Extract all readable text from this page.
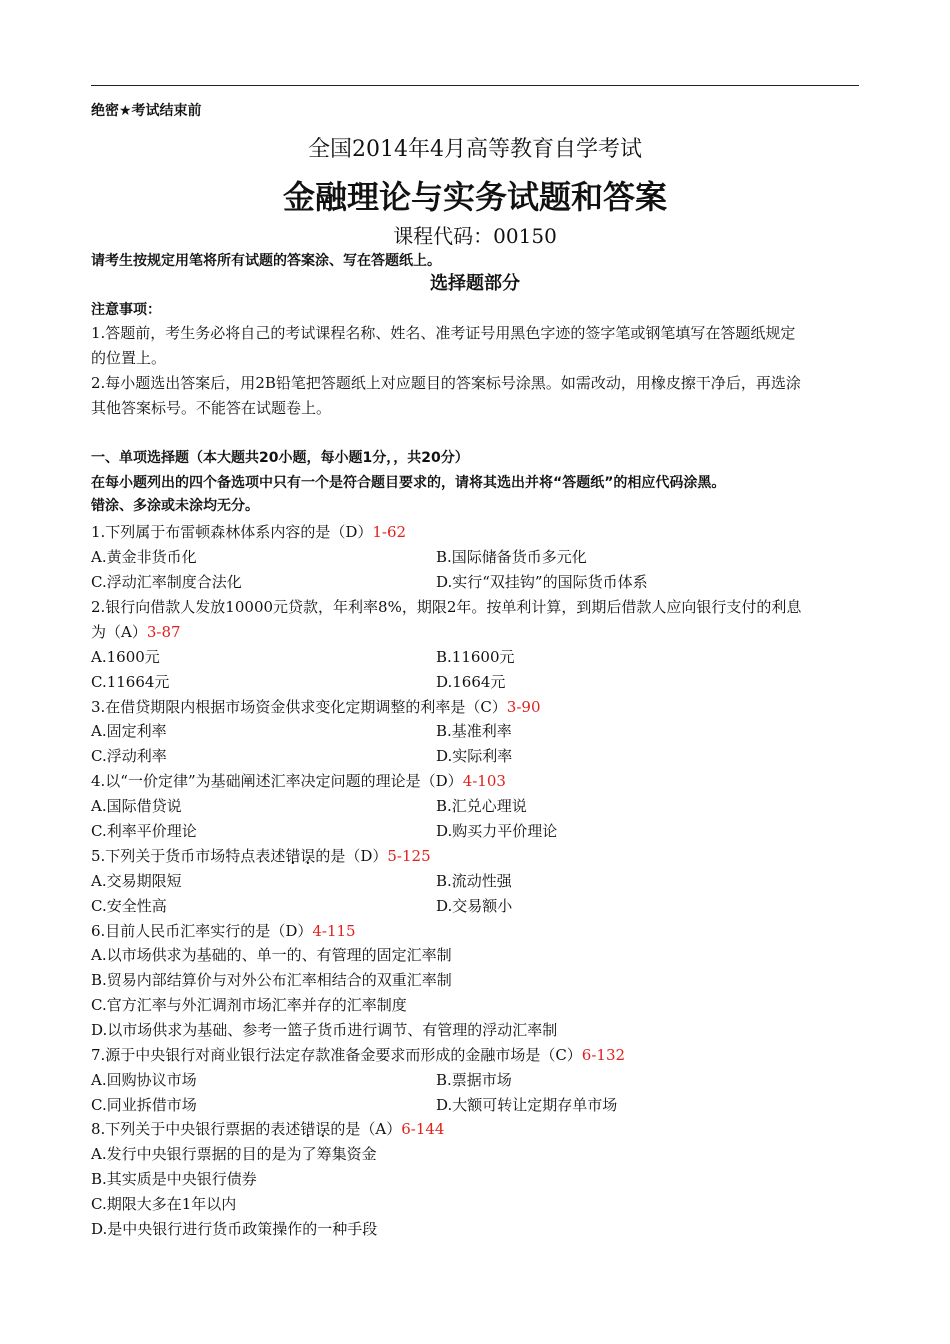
绝密★考试结束前
全国2014年4月高等教育自学考试
金融理论与实务试题和答案
课程代码：00150
请考生按规定用笔将所有试题的答案涂、写在答题纸上。
选择题部分
注意事项：
1.答题前，考生务必将自己的考试课程名称、姓名、准考证号用黑色字迹的签字笔或钢笔填写在答题纸规定
的位置上。
2.每小题选出答案后，用2B铅笔把答题纸上对应题目的答案标号涂黑。如需改动，用橡皮擦干净后，再选涂
其他答案标号。不能答在试题卷上。
一、单项选择题（本大题共20小题，每小题1分，，共20分）
在每小题列出的四个备选项中只有一个是符合题目要求的，请将其选出并将“答题纸”的相应代码涂黑。
错涂、多涂或未涂均无分。
1.下列属于布雷顿森林体系内容的是（D）1-62
A.黄金非货币化	B.国际储备货币多元化
C.浮动汇率制度合法化	D.实行“双挂钩”的国际货币体系
2.银行向借款人发放10000元贷款，年利率8%，期限2年。按单利计算，到期后借款人应向银行支付的利息
为（A）3-87
A.1600元	B.11600元
C.11664元	D.1664元
3.在借贷期限内根据市场资金供求变化定期调整的利率是（C）3-90
A.固定利率	B.基准利率
C.浮动利率	D.实际利率
4.以“一价定律”为基础阐述汇率决定问题的理论是（D）4-103
A.国际借贷说	B.汇兑心理说
C.利率平价理论	D.购买力平价理论
5.下列关于货币市场特点表述错误的是（D）5-125
A.交易期限短	B.流动性强
C.安全性高	D.交易额小
6.目前人民币汇率实行的是（D）4-115
A.以市场供求为基础的、单一的、有管理的固定汇率制
B.贸易内部结算价与对外公布汇率相结合的双重汇率制
C.官方汇率与外汇调剂市场汇率并存的汇率制度
D.以市场供求为基础、参考一篮子货币进行调节、有管理的浮动汇率制
7.源于中央银行对商业银行法定存款准备金要求而形成的金融市场是（C）6-132
A.回购协议市场	B.票据市场
C.同业拆借市场	D.大额可转让定期存单市场
8.下列关于中央银行票据的表述错误的是（A）6-144
A.发行中央银行票据的目的是为了筹集资金
B.其实质是中央银行债券
C.期限大多在1年以内
D.是中央银行进行货币政策操作的一种手段
